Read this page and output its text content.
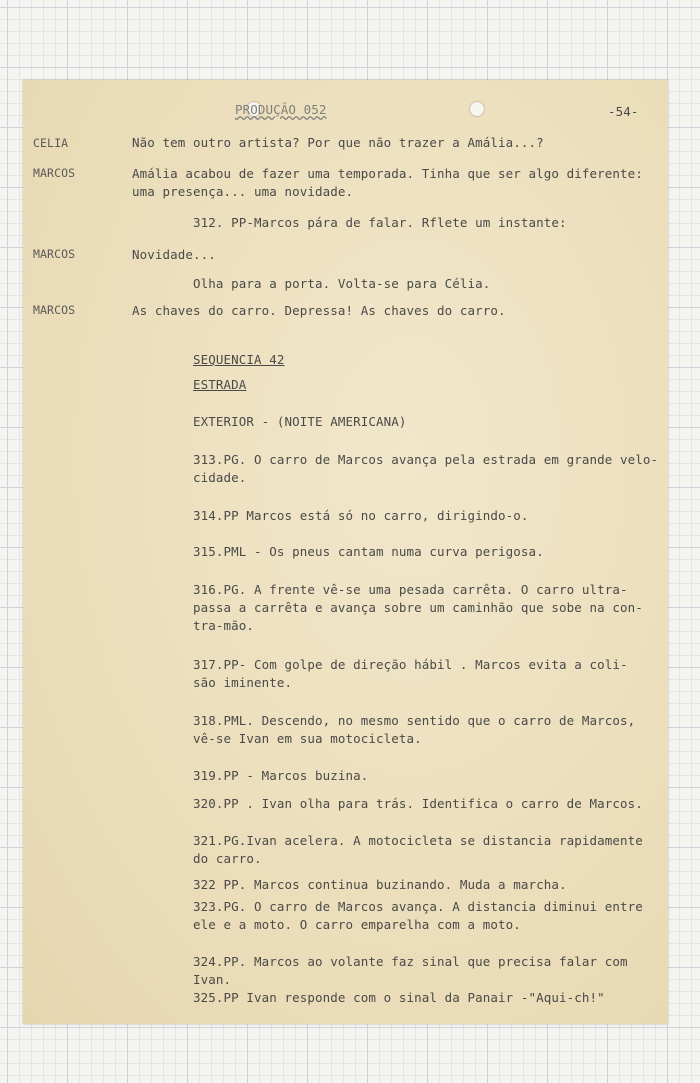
PRODUÇÃO 052	-54-
CELIA	Não tem outro artista? Por que não trazer a Amália...?
MARCOS	Amália acabou de fazer uma temporada. Tinha que ser algo diferente:
uma presença... uma novidade.
312. PP-Marcos pára de falar. Rflete um instante:
MARCOS	Novidade...
Olha para a porta. Volta-se para Célia.
MARCOS	As chaves do carro. Depressa! As chaves do carro.
SEQUENCIA 42
ESTRADA
EXTERIOR - (NOITE AMERICANA)
313.PG. O carro de Marcos avança pela estrada em grande velo-
cidade.
314.PP Marcos está só no carro, dirigindo-o.
315.PML - Os pneus cantam numa curva perigosa.
316.PG. A frente vê-se uma pesada carrêta. O carro ultra-
passa a carrêta e avança sobre um caminhão que sobe na con-
tra-mão.
317.PP- Com golpe de direção hábil . Marcos evita a coli-
são iminente.
318.PML. Descendo, no mesmo sentido que o carro de Marcos,
vê-se Ivan em sua motocicleta.
319.PP - Marcos buzina.
320.PP . Ivan olha para trás. Identifica o carro de Marcos.
321.PG.Ivan acelera. A motocicleta se distancia rapidamente
do carro.
322 PP. Marcos continua buzinando. Muda a marcha.
323.PG. O carro de Marcos avança. A distancia diminui entre
ele e a moto. O carro emparelha com a moto.
324.PP. Marcos ao volante faz sinal que precisa falar com
Ivan.
325.PP Ivan responde com o sinal da Panair -"Aqui-ch!"
